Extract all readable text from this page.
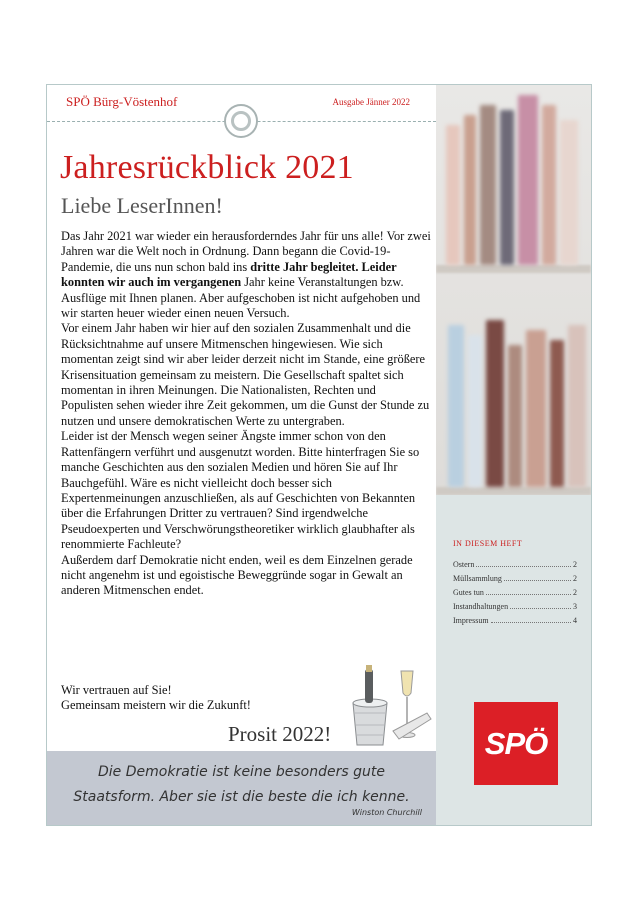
SPÖ Bürg-Vöstenhof	Ausgabe Jänner 2022
Jahresrückblick 2021
Liebe LeserInnen!

Das Jahr 2021 war wieder ein herausforderndes Jahr für uns alle! Vor zwei Jahren war die Welt noch in Ordnung. Dann begann die Covid-19-Pandemie, die uns nun schon bald ins dritte Jahr begleitet. Leider konnten wir auch im vergangenen Jahr keine Veranstaltungen bzw. Ausflüge mit Ihnen planen. Aber aufgeschoben ist nicht aufgehoben und wir starten heuer wieder einen neuen Versuch.

Vor einem Jahr haben wir hier auf den sozialen Zusammenhalt und die Rücksichtnahme auf unsere Mitmenschen hingewiesen. Wie sich momentan zeigt sind wir aber leider derzeit nicht im Stande, eine größere Krisensituation gemeinsam zu meistern. Die Gesellschaft spaltet sich momentan in ihren Meinungen. Die Nationalisten, Rechten und Populisten sehen wieder ihre Zeit gekommen, um die Gunst der Stunde zu nutzen und unsere demokratischen Werte zu untergraben.

Leider ist der Mensch wegen seiner Ängste immer schon von den Rattenfängern verführt und ausgenutzt worden. Bitte hinterfragen Sie so manche Geschichten aus den sozialen Medien und hören Sie auf Ihr Bauchgefühl. Wäre es nicht vielleicht doch besser sich Expertenmeinungen anzuschließen, als auf Geschichten von Bekannten über die Erfahrungen Dritter zu vertrauen? Sind irgendwelche Pseudoexperten und Verschwörungstheoretiker wirklich glaubhafter als renommierte Fachleute?

Außerdem darf Demokratie nicht enden, weil es dem Einzelnen gerade nicht angenehm ist und egoistische Beweggründe sogar in Gewalt an anderen Mitmenschen endet.

Wir vertrauen auf Sie!

Gemeinsam meistern wir die Zukunft!

Prosit 2022!
Die Demokratie ist keine besonders gute
Staatsform. Aber sie ist die beste die ich kenne.
Winston Churchill
IN DIESEM HEFT
Ostern	2
Müllsammlung	2
Gutes tun	2
Instandhaltungen	3
Impressum	4
SPÖ
